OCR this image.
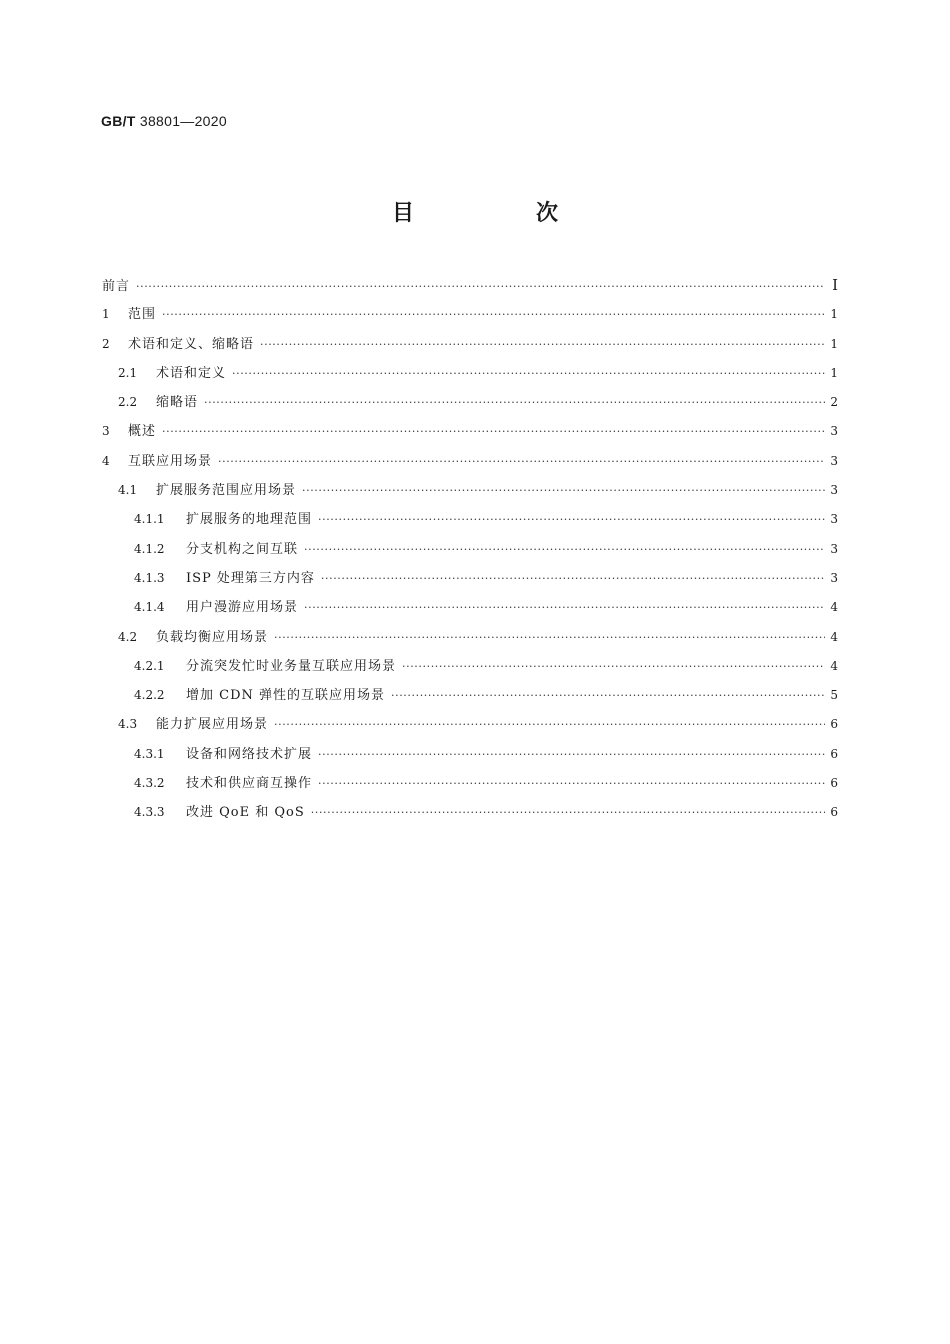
GB/T 38801—2020
目　次
前言 ·····	Ⅰ
1	范围 ·····	1
2	术语和定义、缩略语 ·····	1
2.1	术语和定义 ·····	1
2.2	缩略语 ·····	2
3	概述 ·····	3
4	互联应用场景 ·····	3
4.1	扩展服务范围应用场景 ·····	3
4.1.1	扩展服务的地理范围 ·····	3
4.1.2	分支机构之间互联 ·····	3
4.1.3	ISP 处理第三方内容 ·····	3
4.1.4	用户漫游应用场景 ·····	4
4.2	负载均衡应用场景 ·····	4
4.2.1	分流突发忙时业务量互联应用场景 ·····	4
4.2.2	增加 CDN 弹性的互联应用场景 ·····	5
4.3	能力扩展应用场景 ·····	6
4.3.1	设备和网络技术扩展 ·····	6
4.3.2	技术和供应商互操作 ·····	6
4.3.3	改进 QoE 和 QoS ·····	6
